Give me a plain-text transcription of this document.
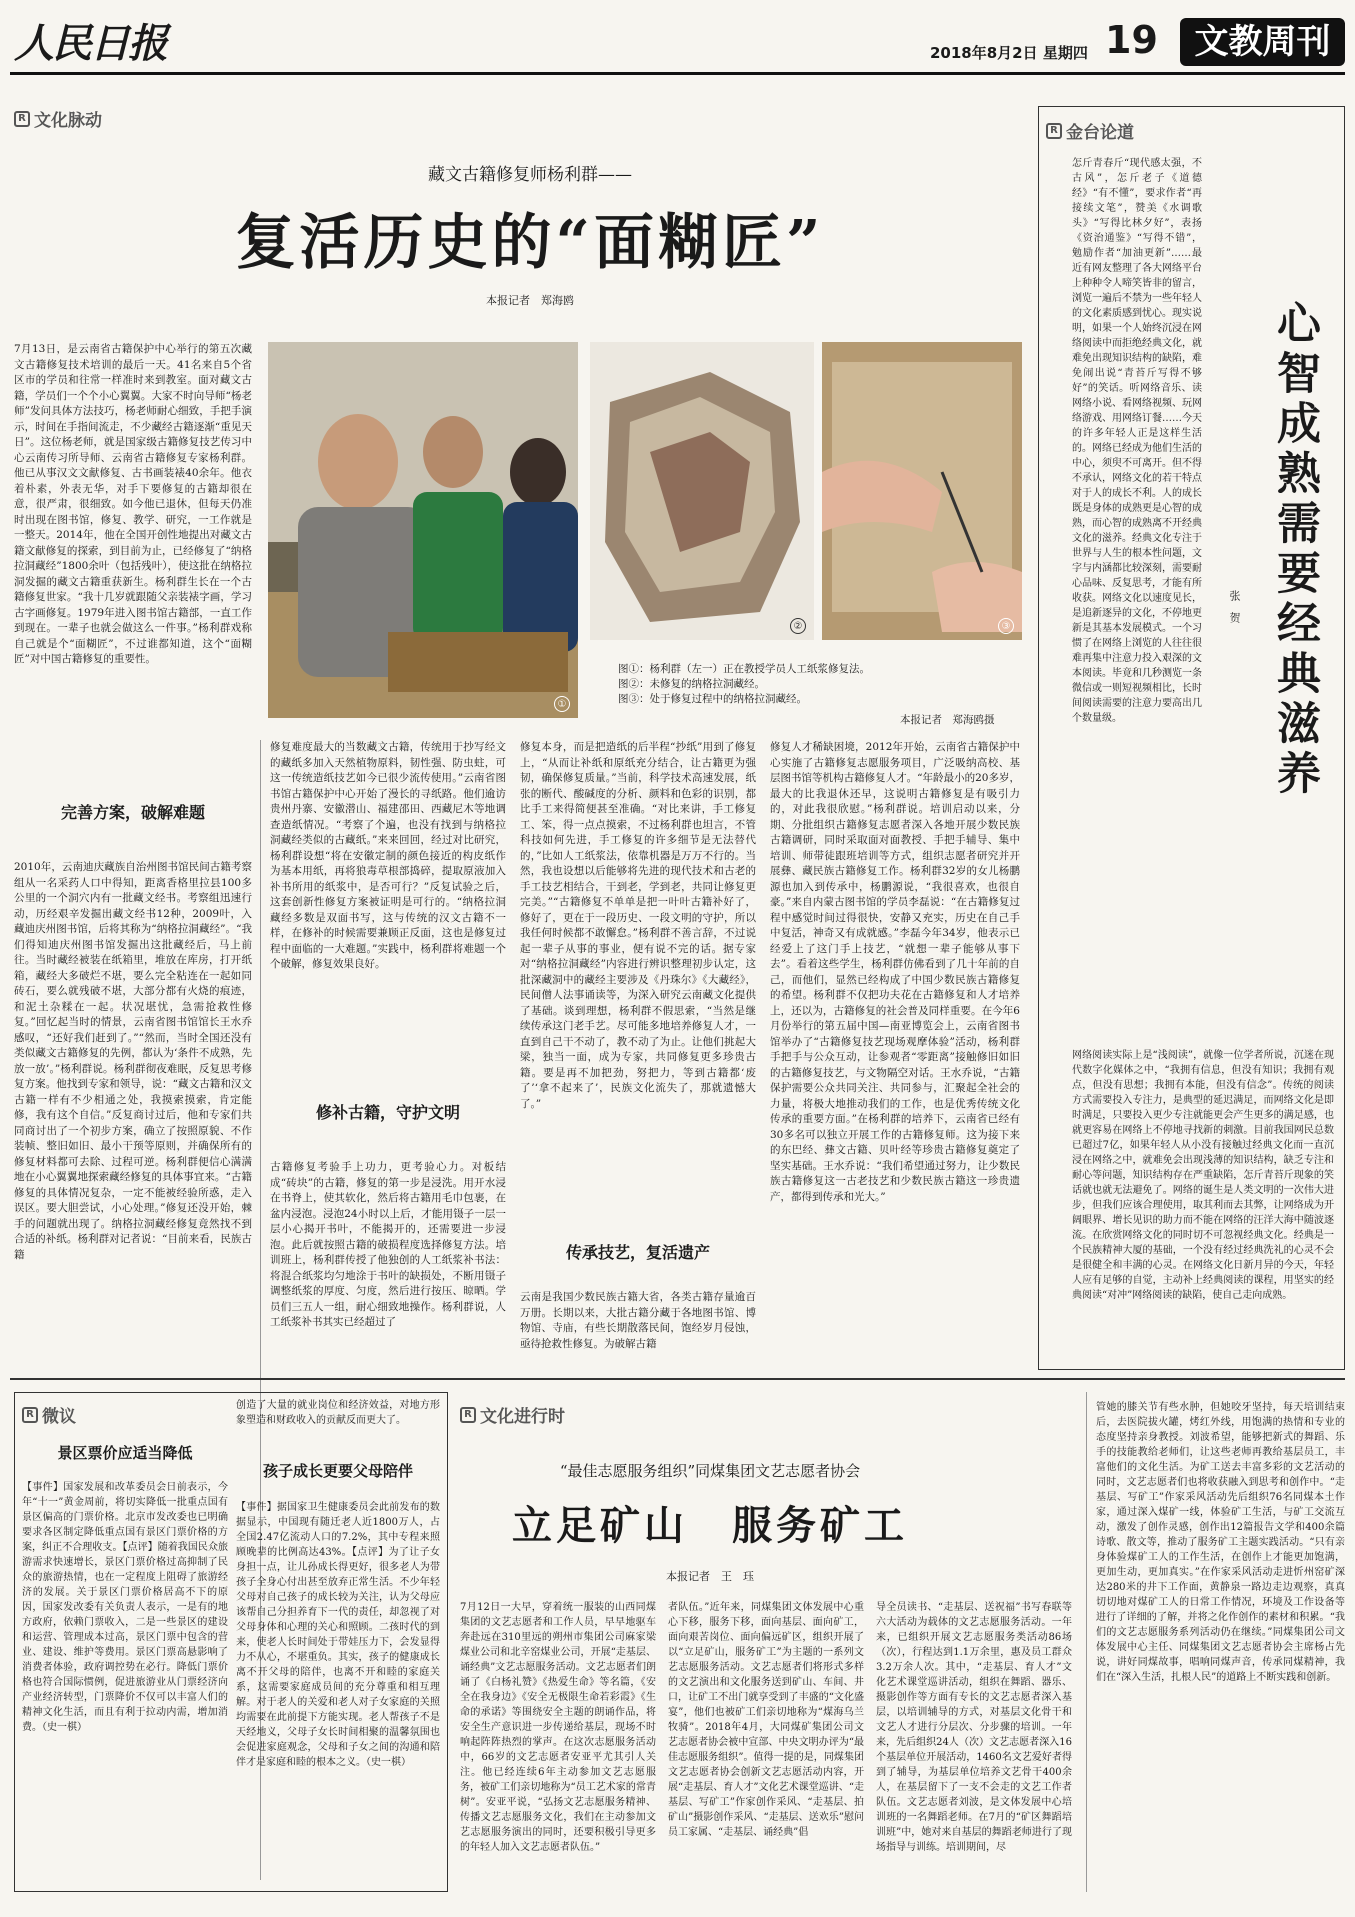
人民日报	2018年8月2日 星期四 19	文教周刊
R 文化脉动
藏文古籍修复师杨利群——
复活历史的“面糊匠”
本报记者　郑海鸥
7月13日，是云南省古籍保护中心举行的第五次藏文古籍修复技术培训的最后一天。41名来自5个省区市的学员和往常一样准时来到教室。面对藏文古籍，学员们一个个小心翼翼。大家不时向导师“杨老师”发问具体方法技巧，杨老师耐心细致，手把手演示，时间在手指间流走，不少藏经古籍逐渐“重见天日”。这位杨老师，就是国家级古籍修复技艺传习中心云南传习所导师、云南省古籍修复专家杨利群。他已从事汉文文献修复、古书画装裱40余年。他衣着朴素，外表无华，对手下要修复的古籍却很在意，很严肃，很细致。如今他已退休，但每天仍准时出现在图书馆，修复、教学、研究，一工作就是一整天。2014年，他在全国开创性地提出对藏文古籍文献修复的探索，到目前为止，已经修复了“纳格拉洞藏经”1800余叶（包括残叶），使这批在纳格拉洞发掘的藏文古籍重获新生。杨利群生长在一个古籍修复世家。“我十几岁就跟随父亲装裱字画，学习古字画修复。1979年进入图书馆古籍部，一直工作到现在。一辈子也就会做这么一件事。”杨利群戏称自己就是个“面糊匠”，不过谁都知道，这个“面糊匠”对中国古籍修复的重要性。
①
②	③
图①：杨利群（左一）正在教授学员人工纸浆修复法。
图②：未修复的纳格拉洞藏经。
图③：处于修复过程中的纳格拉洞藏经。
本报记者　郑海鸥摄
完善方案，破解难题
2010年，云南迪庆藏族自治州图书馆民间古籍考察组从一名采药人口中得知，距离香格里拉县100多公里的一个洞穴内有一批藏文经书。考察组迅速行动，历经艰辛发掘出藏文经书12种，2009叶，入藏迪庆州图书馆，后将其称为“纳格拉洞藏经”。“我们得知迪庆州图书馆发掘出这批藏经后，马上前往。当时藏经被装在纸箱里，堆放在库房，打开纸箱，藏经大多破烂不堪，要么完全粘连在一起如同砖石，要么就残破不堪，大部分都有火烧的痕迹，和泥土杂糅在一起。状况堪忧，急需抢救性修复。”回忆起当时的情景，云南省图书馆馆长王水乔感叹，“还好我们赶到了。”“然而，当时全国还没有类似藏文古籍修复的先例，都认为‘条件不成熟，先放一放’。”杨利群说。杨利群彻夜难眠，反复思考修复方案。他找到专家和领导，说：“藏文古籍和汉文古籍一样有不少相通之处，我摸索摸索，肯定能修，我有这个自信。”反复商讨过后，他和专家们共同商讨出了一个初步方案，确立了按照原貌、不作装帧、整旧如旧、最小干预等原则，并确保所有的修复材料都可去除、过程可逆。杨利群便信心满满地在小心翼翼地探索藏经修复的具体事宜来。“古籍修复的具体情况复杂，一定不能被经验所惑，走入误区。要大胆尝试，小心处理。”修复还没开始，棘手的问题就出现了。纳格拉洞藏经修复竟然找不到合适的补纸。杨利群对记者说：“目前来看，民族古籍
修复难度最大的当数藏文古籍，传统用于抄写经文的藏纸多加入天然植物原料，韧性强、防虫蛀，可这一传统造纸技艺如今已很少流传使用。”云南省图书馆古籍保护中心开始了漫长的寻纸路。他们逾访贵州丹寨、安徽潜山、福建邵田、西藏尼木等地调查造纸情况。“考察了个遍，也没有找到与纳格拉洞藏经类似的古藏纸。”来来回回，经过对比研究，杨利群设想“将在安徽定制的颜色接近的构皮纸作为基本用纸，再将狼毒草根部捣碎，提取原液加入补书所用的纸浆中，是否可行？”反复试验之后，这套创新性修复方案被证明是可行的。“纳格拉洞藏经多数是双面书写，这与传统的汉文古籍不一样，在修补的时候需要兼顾正反面，这也是修复过程中面临的一大难题。”实践中，杨利群将难题一个个破解，修复效果良好。
修补古籍，守护文明
古籍修复考验手上功力，更考验心力。对板结成“砖块”的古籍，修复的第一步是浸洗。用开水浸在书脊上，使其软化，然后将古籍用毛巾包裹，在盆内浸泡。浸泡24小时以上后，才能用镊子一层一层小心揭开书叶，不能揭开的，还需要进一步浸泡。此后就按照古籍的破损程度选择修复方法。培训班上，杨利群传授了他独创的人工纸浆补书法：将混合纸浆均匀地涂于书叶的缺损处，不断用镊子调整纸浆的厚度、匀度，然后进行按压、晾晒。学员们三五人一组，耐心细致地操作。杨利群说，人工纸浆补书其实已经超过了
修复本身，而是把造纸的后半程“抄纸”用到了修复上，“从而让补纸和原纸充分结合，让古籍更为强韧，确保修复质量。”当前，科学技术高速发展，纸张的断代、酸碱度的分析、颜料和色彩的识别，都比手工来得简便甚至准确。“对比来讲，手工修复工、笨，得一点点摸索，不过杨利群也坦言，不管科技如何先进，手工修复的许多细节是无法替代的，”比如人工纸浆法，依靠机器是万万不行的。当然，我也设想以后能够将先进的现代技术和古老的手工技艺相结合，干到老，学到老，共同让修复更完美。”“古籍修复不单单是把一叶叶古籍补好了，修好了，更在于一段历史、一段文明的守护，所以我任何时候都不敢懈怠。”杨利群不善言辞，不过说起一辈子从事的事业，便有说不完的话。据专家对“纳格拉洞藏经”内容进行辨识整理初步认定，这批深藏洞中的藏经主要涉及《丹珠尔》《大藏经》，民间僧人法事诵读等，为深入研究云南藏文化提供了基础。谈到理想，杨利群不假思索，“当然是继续传承这门老手艺。尽可能多地培养修复人才，一直到自己干不动了，教不动了为止。让他们挑起大梁，独当一面，成为专家，共同修复更多珍贵古籍。要是再不加把劲，努把力，等到古籍都‘废了’‘拿不起来了’，民族文化流失了，那就遗憾大了。”
传承技艺，复活遗产
云南是我国少数民族古籍大省，各类古籍存量逾百万册。长期以来，大批古籍分藏于各地图书馆、博物馆、寺庙，有些长期散落民间，饱经岁月侵蚀，亟待抢救性修复。为破解古籍
修复人才稀缺困境，2012年开始，云南省古籍保护中心实施了古籍修复志愿服务项目，广泛吸纳高校、基层图书馆等机构古籍修复人才。“年龄最小的20多岁，最大的比我退休还早，这说明古籍修复是有吸引力的，对此我很欣慰。”杨利群说。培训启动以来，分期、分批组织古籍修复志愿者深入各地开展少数民族古籍调研，同时采取面对面教授、手把手辅导、集中培训、师带徒跟班培训等方式，组织志愿者研究并开展彝、藏民族古籍修复工作。杨利群32岁的女儿杨鹏源也加入到传承中，杨鹏源说，“我很喜欢，也很自豪。”来自内蒙古图书馆的学员李磊说：“在古籍修复过程中感觉时间过得很快，安静又充实，历史在自己手中复活，神奇又有成就感。”李磊今年34岁，他表示已经爱上了这门手上技艺，“就想一辈子能够从事下去”。看着这些学生，杨利群仿佛看到了几十年前的自己，而他们，显然已经构成了中国少数民族古籍修复的希望。杨利群不仅把功夫花在古籍修复和人才培养上，还以为，古籍修复的社会普及同样重要。在今年6月份举行的第五届中国—南亚博览会上，云南省图书馆举办了“古籍修复技艺现场观摩体验”活动，杨利群手把手与公众互动，让参观者“零距离”接触修旧如旧的古籍修复技艺，与文物隔空对话。王水乔说，“古籍保护需要公众共同关注、共同参与，汇聚起全社会的力量，将极大地推动我们的工作，也是优秀传统文化传承的重要方面。”在杨利群的培养下，云南省已经有30多名可以独立开展工作的古籍修复师。这为接下来的东巴经、彝文古籍、贝叶经等珍贵古籍修复奠定了坚实基础。王水乔说：“我们希望通过努力，让少数民族古籍修复这一古老技艺和少数民族古籍这一珍贵遗产，都得到传承和光大。”
R 金台论道
心智成熟需要经典滋养
张　贺
怎斤青春斤“现代感太强，不古风”，怎斤老子《道德经》“有不懂”，要求作者“再接续文笔”，赞美《水调歌头》“写得比林夕好”，表扬《资治通鉴》“写得不错”，勉励作者“加油更新”……最近有网友整理了各大网络平台上种种令人啼笑皆非的留言，浏览一遍后不禁为一些年轻人的文化素质感到忧心。现实说明，如果一个人始终沉浸在网络阅读中而拒绝经典文化，就难免出现知识结构的缺陷，难免闹出说“青苔斤写得不够好”的笑话。听网络音乐、读网络小说、看网络视频、玩网络游戏、用网络订餐……今天的许多年轻人正是这样生活的。网络已经成为他们生活的中心，须臾不可离开。但不得不承认，网络文化的若干特点对于人的成长不利。人的成长既是身体的成熟更是心智的成熟，而心智的成熟离不开经典文化的滋养。经典文化专注于世界与人生的根本性问题，文字与内涵都比较深刻，需要耐心品味、反复思考，才能有所收获。网络文化以速度见长，是追新逐异的文化，不停地更新是其基本发展模式。一个习惯了在网络上浏览的人往往很难再集中注意力投入艰深的文本阅读。毕竟和几秒测览一条微信或一则短视频相比，长时间阅读需要的注意力要高出几个数量级。
网络阅读实际上是“浅阅读”，就像一位学者所说，沉迷在现代数字化媒体之中，“我拥有信息，但没有知识；我拥有观点，但没有思想；我拥有本能，但没有信念”。传统的阅读方式需要投入专注力，是典型的延迟满足，而网络文化是即时满足，只要投入更少专注就能更会产生更多的满足感，也就更容易在网络上不停地寻找新的刺激。目前我国网民总数已超过7亿，如果年轻人从小没有接触过经典文化而一直沉浸在网络之中，就难免会出现浅薄的知识结构，缺乏专注和耐心等问题，知识结构存在严重缺陷，怎斤青苔斤现象的笑话就也就无法避免了。网络的诞生是人类文明的一次伟大进步，但我们应该合理使用，取其利而去其弊，让网络成为开阔眼界、增长见识的助力而不能在网络的汪洋大海中随波逐流。在欣赏网络文化的同时切不可忽视经典文化。经典是一个民族精神大厦的基础，一个没有经过经典洗礼的心灵不会是很健全和丰满的心灵。在网络文化日新月异的今天，年轻人应有足够的自觉，主动补上经典阅读的课程，用坚实的经典阅读“对冲”网络阅读的缺陷，使自己走向成熟。
R 微议
景区票价应适当降低
【事件】国家发展和改革委员会日前表示，今年“十一”黄金周前，将切实降低一批重点国有景区偏高的门票价格。北京市发改委也已明确要求各区制定降低重点国有景区门票价格的方案，纠正不合理收支。【点评】随着我国民众旅游需求快速增长，景区门票价格过高抑制了民众的旅游热情，也在一定程度上阻碍了旅游经济的发展。关于景区门票价格居高不下的原因，国家发改委有关负责人表示，一是有的地方政府，依赖门票收入，二是一些景区的建设和运营、管理成本过高，景区门票中包含的营业、建设、维护等费用。景区门票高悬影响了消费者体验，政府调控势在必行。降低门票价格也符合国际惯例，促进旅游业从门票经济向产业经济转型，门票降价不仅可以丰富人们的精神文化生活，而且有利于拉动内需，增加消费。（史一棋）
创造了大量的就业岗位和经济效益，对地方形象塑造和财政收入的贡献反而更大了。
孩子成长更要父母陪伴
【事件】据国家卫生健康委员会此前发布的数据显示，中国现有随迁老人近1800万人，占全国2.47亿流动人口的7.2%，其中专程来照顾晚辈的比例高达43%。【点评】为了让子女身担一点，让儿孙成长得更好，很多老人为带孩子全身心付出甚至放弃正常生活。不少年轻父母对自己孩子的成长较为关注，认为父母应该帮自己分担养育下一代的责任，却忽视了对父母身体和心理的关心和照顾。二孩时代的到来，使老人长时间处于带娃压力下，会发显得力不从心，不堪重负。其实，孩子的健康成长离不开父母的陪伴，也离不开和睦的家庭关系，这需要家庭成员间的充分尊重和相互理解。对于老人的关爱和老人对子女家庭的关照均需要在此前提下方能实现。老人帮孩子不是天经地义，父母子女长时间相聚的温馨氛围也会促进家庭观念，父母和子女之间的沟通和陪伴才是家庭和睦的根本之义。（史一棋）
R 文化进行时
“最佳志愿服务组织”同煤集团文艺志愿者协会
立足矿山　服务矿工
本报记者　王　珏
7月12日一大早，穿着统一服装的山西同煤集团的文艺志愿者和工作人员，早早地驱车奔赴远在310里远的朔州市集团公司麻家梁煤业公司和北辛窑煤业公司，开展“走基层、诵经典”文艺志愿服务活动。文艺志愿者们朗诵了《白杨礼赞》《热爱生命》等名篇，《安全在我身边》《安全无极限生命若彩霞》《生命的承诺》等围绕安全主题的朗诵作品，将安全生产意识进一步传递给基层，现场不时响起阵阵热烈的掌声。在这次志愿服务活动中，66岁的文艺志愿者安亚平尤其引人关注。他已经连续6年主动参加文艺志愿服务，被矿工们亲切地称为“员工艺术家的常青树”。安亚平说，“弘扬文艺志愿服务精神、传播文艺志愿服务文化，我们在主动参加文艺志愿服务演出的同时，还要积极引导更多的年轻人加入文艺志愿者队伍。”
者队伍。”近年来，同煤集团文体发展中心重心下移，服务下移，面向基层、面向矿工，面向艰苦岗位、面向偏远矿区，组织开展了以“立足矿山，服务矿工”为主题的一系列文艺志愿服务活动。文艺志愿者们将形式多样的文艺演出和文化服务送到矿山、车间、井口，让矿工不出门就享受到了丰盛的“文化盛宴”，他们也被矿工们亲切地称为“煤海乌兰牧骑”。2018年4月，大同煤矿集团公司文艺志愿者协会被中宣部、中央文明办评为“最佳志愿服务组织”。值得一提的是，同煤集团文艺志愿者协会创新文艺志愿活动内容，开展“走基层、育人才”文化艺术课堂巡讲、“走基层、写矿工”作家创作采风、“走基层、拍矿山”摄影创作采风、“走基层、送欢乐”慰问员工家属、“走基层、诵经典”倡
导全员读书、“走基层、送祝福”书写春联等六大活动为载体的文艺志愿服务活动。一年来，已组织开展文艺志愿服务类活动86场（次），行程达到1.1万余里，惠及员工群众3.2万余人次。其中，“走基层、育人才”文化艺术课堂巡讲活动，组织在舞蹈、器乐、摄影创作等方面有专长的文艺志愿者深入基层，以培训辅导的方式，对基层文化骨干和文艺人才进行分层次、分步骤的培训。一年来，先后组织24人（次）文艺志愿者深入16个基层单位开展活动，1460名文艺爱好者得到了辅导，为基层单位培养文艺骨干400余人，在基层留下了一支不会走的文艺工作者队伍。文艺志愿者刘波，是文体发展中心培训班的一名舞蹈老师。在7月的“矿区舞蹈培训班”中，她对来自基层的舞蹈老师进行了现场指导与训练。培训期间，尽
管她的膝关节有些水肿，但她咬牙坚持，每天培训结束后，去医院拔火罐，烤红外线，用饱满的热情和专业的态度坚持亲身教授。刘波希望，能够把新式的舞蹈、乐手的技能教给老师们，让这些老师再教给基层员工，丰富他们的文化生活。为矿工送去丰富多彩的文艺活动的同时，文艺志愿者们也将收获融入到思考和创作中。“走基层、写矿工”作家采风活动先后组织76名同煤本土作家，通过深入煤矿一线，体验矿工生活，与矿工交流互动，激发了创作灵感，创作出12篇报告文学和400余篇诗歌、散文等，推动了服务矿工主题实践活动。“只有亲身体验煤矿工人的工作生活，在创作上才能更加饱满，更加生动，更加真实。”在作家采风活动走进忻州窑矿深达280米的井下工作面，黄静泉一路边走边观察，真真切切地对煤矿工人的日常工作情况，环境及工作设备等进行了详细的了解，并将之化作创作的素材和积累。“我们的文艺志愿服务系列活动仍在继续。”同煤集团公司文体发展中心主任、同煤集团文艺志愿者协会主席杨占先说，讲好同煤故事，唱响同煤声音，传承同煤精神，我们在“深入生活，扎根人民”的道路上不断实践和创新。
